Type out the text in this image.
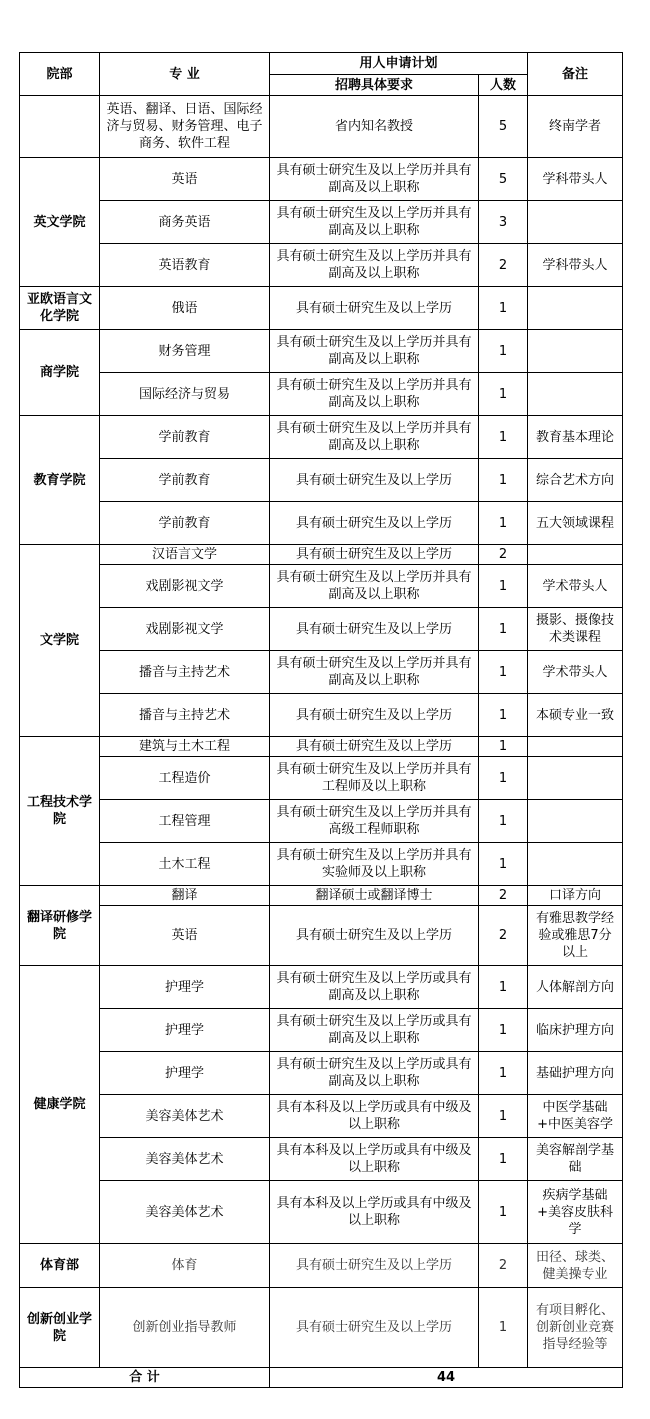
院部	专 业	用人申请计划		备注
		招聘具体要求	人数	
	英语、翻译、日语、国际经济与贸易、财务管理、电子商务、软件工程	省内知名教授	5	终南学者
英文学院	英语	具有硕士研究生及以上学历并具有副高及以上职称	5	学科带头人
	商务英语	具有硕士研究生及以上学历并具有副高及以上职称	3	
	英语教育	具有硕士研究生及以上学历并具有副高及以上职称	2	学科带头人
亚欧语言文化学院	俄语	具有硕士研究生及以上学历	1	
商学院	财务管理	具有硕士研究生及以上学历并具有副高及以上职称	1	
	国际经济与贸易	具有硕士研究生及以上学历并具有副高及以上职称	1	
教育学院	学前教育	具有硕士研究生及以上学历并具有副高及以上职称	1	教育基本理论
	学前教育	具有硕士研究生及以上学历	1	综合艺术方向
	学前教育	具有硕士研究生及以上学历	1	五大领域课程
文学院	汉语言文学	具有硕士研究生及以上学历	2	
	戏剧影视文学	具有硕士研究生及以上学历并具有副高及以上职称	1	学术带头人
	戏剧影视文学	具有硕士研究生及以上学历	1	摄影、摄像技术类课程
	播音与主持艺术	具有硕士研究生及以上学历并具有副高及以上职称	1	学术带头人
	播音与主持艺术	具有硕士研究生及以上学历	1	本硕专业一致
工程技术学院	建筑与土木工程	具有硕士研究生及以上学历	1	
	工程造价	具有硕士研究生及以上学历并具有工程师及以上职称	1	
	工程管理	具有硕士研究生及以上学历并具有高级工程师职称	1	
	土木工程	具有硕士研究生及以上学历并具有实验师及以上职称	1	
翻译研修学院	翻译	翻译硕士或翻译博士	2	口译方向
	英语	具有硕士研究生及以上学历	2	有雅思教学经验或雅思7分以上
健康学院	护理学	具有硕士研究生及以上学历或具有副高及以上职称	1	人体解剖方向
	护理学	具有硕士研究生及以上学历或具有副高及以上职称	1	临床护理方向
	护理学	具有硕士研究生及以上学历或具有副高及以上职称	1	基础护理方向
	美容美体艺术	具有本科及以上学历或具有中级及以上职称	1	中医学基础+中医美容学
	美容美体艺术	具有本科及以上学历或具有中级及以上职称	1	美容解剖学基础
	美容美体艺术	具有本科及以上学历或具有中级及以上职称	1	疾病学基础+美容皮肤科学
体育部	体育	具有硕士研究生及以上学历	2	田径、球类、健美操专业
创新创业学院	创新创业指导教师	具有硕士研究生及以上学历	1	有项目孵化、创新创业竞赛指导经验等
合 计		44		
